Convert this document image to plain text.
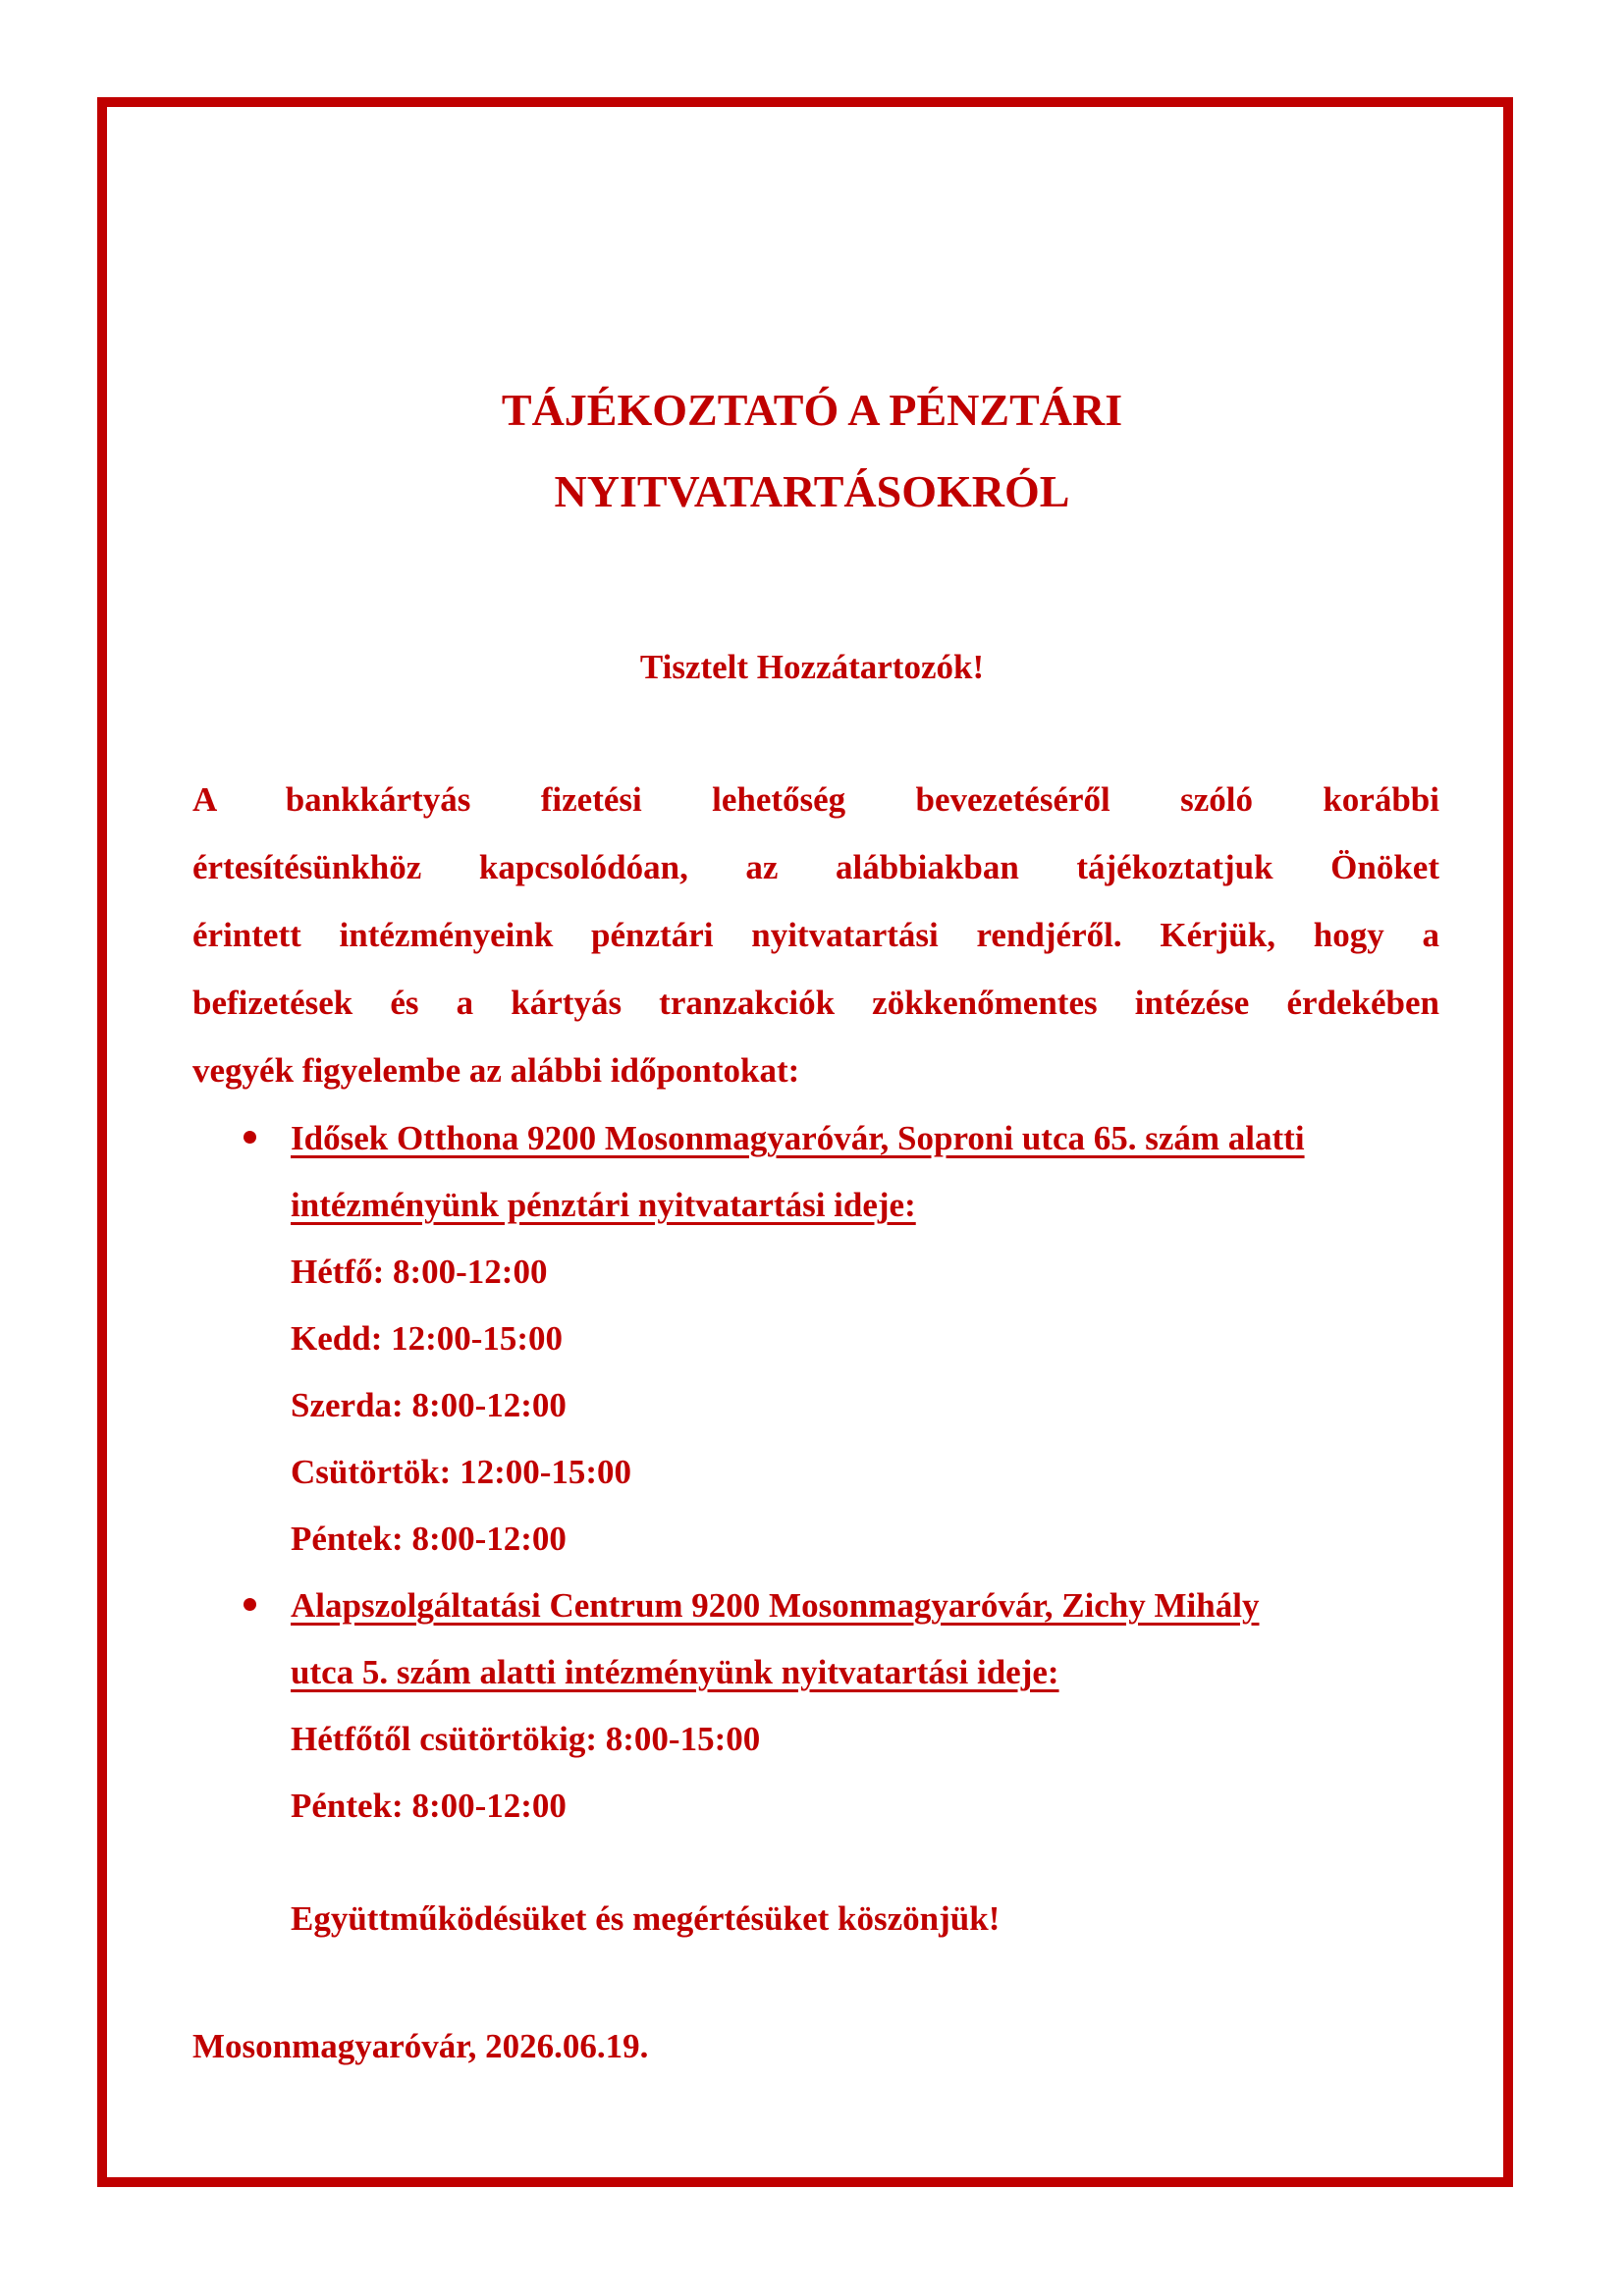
TÁJÉKOZTATÓ A PÉNZTÁRI
NYITVATARTÁSOKRÓL
Tisztelt Hozzátartozók!
A bankkártyás fizetési lehetőség bevezetéséről szóló korábbi
értesítésünkhöz kapcsolódóan, az alábbiakban tájékoztatjuk Önöket
érintett intézményeink pénztári nyitvatartási rendjéről. Kérjük, hogy a
befizetések és a kártyás tranzakciók zökkenőmentes intézése érdekében
vegyék figyelembe az alábbi időpontokat:
Idősek Otthona 9200 Mosonmagyaróvár, Soproni utca 65. szám alatti
intézményünk pénztári nyitvatartási ideje:
Hétfő: 8:00-12:00
Kedd: 12:00-15:00
Szerda: 8:00-12:00
Csütörtök: 12:00-15:00
Péntek: 8:00-12:00
Alapszolgáltatási Centrum 9200 Mosonmagyaróvár, Zichy Mihály
utca 5. szám alatti intézményünk nyitvatartási ideje:
Hétfőtől csütörtökig: 8:00-15:00
Péntek: 8:00-12:00
Együttműködésüket és megértésüket köszönjük!
Mosonmagyaróvár, 2026.06.19.
